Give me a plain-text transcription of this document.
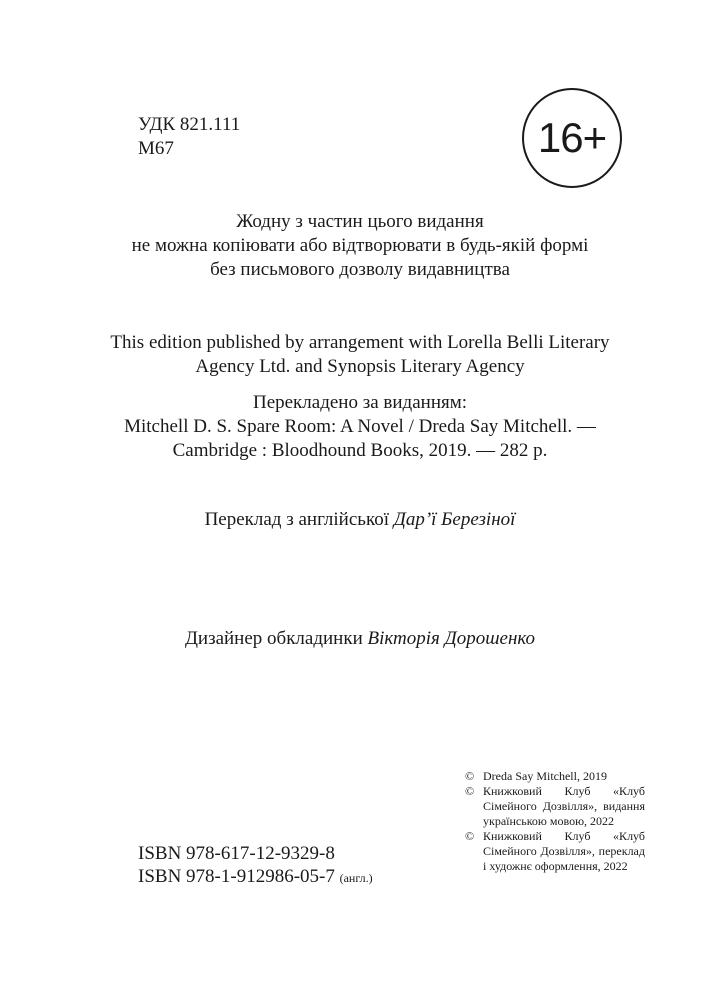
УДК 821.111
М67	16+
Жодну з частин цього видання
не можна копіювати або відтворювати в будь-якій формі
без письмового дозволу видавництва
This edition published by arrangement with Lorella Belli Literary
Agency Ltd. and Synopsis Literary Agency
Перекладено за виданням:
Mitchell D. S. Spare Room: A Novel / Dreda Say Mitchell. —
Cambridge : Bloodhound Books, 2019. — 282 p.
Переклад з англійської Дар’ї Березіної
Дизайнер обкладинки Вікторія Дорошенко
© Dreda Say Mitchell, 2019
© Книжковий Клуб «Клуб Сімейного Дозвілля», видання українською мовою, 2022
© Книжковий Клуб «Клуб Сімейного Дозвілля», переклад і художнє оформлення, 2022
ISBN 978-617-12-9329-8
ISBN 978-1-912986-05-7 (англ.)
